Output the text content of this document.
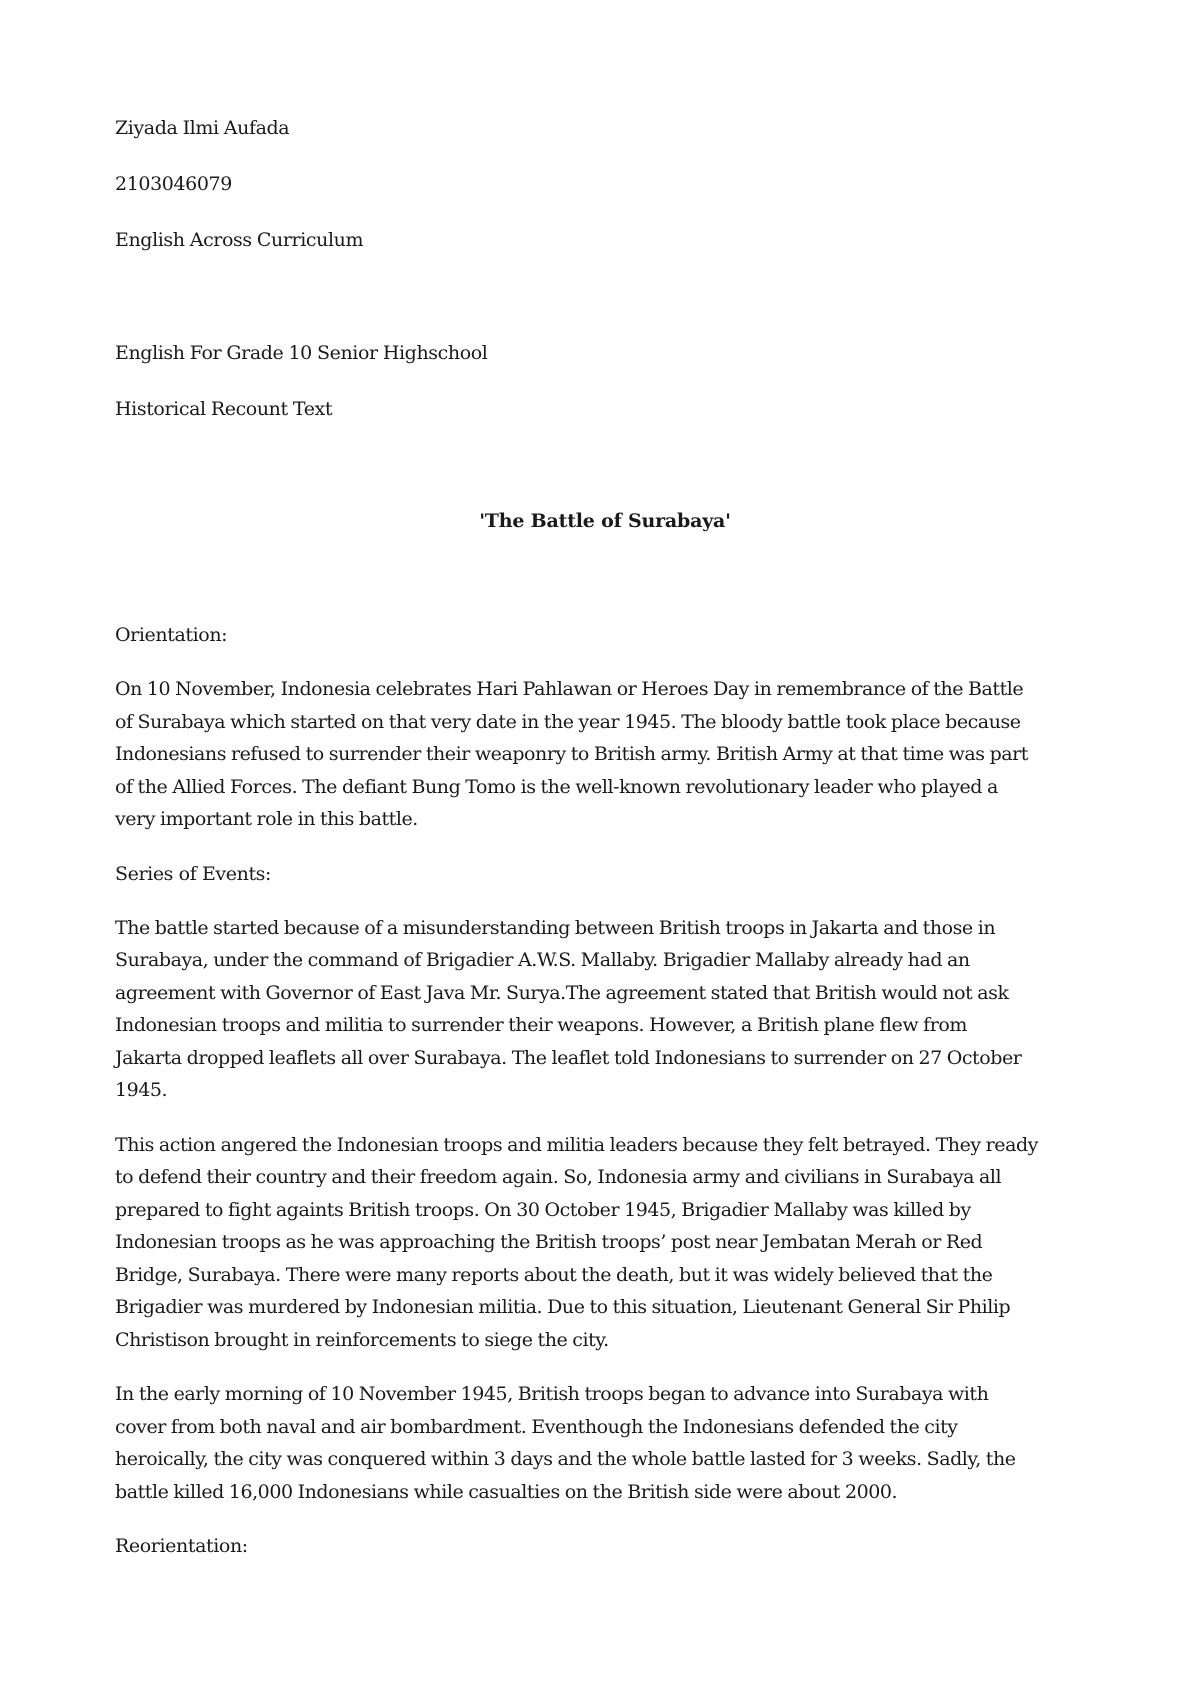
Ziyada Ilmi Aufada
2103046079
English Across Curriculum
English For Grade 10 Senior Highschool
Historical Recount Text
'The Battle of Surabaya'
Orientation:
On 10 November, Indonesia celebrates Hari Pahlawan or Heroes Day in remembrance of the Battle
of Surabaya which started on that very date in the year 1945. The bloody battle took place because
Indonesians refused to surrender their weaponry to British army. British Army at that time was part
of the Allied Forces. The defiant Bung Tomo is the well-known revolutionary leader who played a
very important role in this battle.
Series of Events:
The battle started because of a misunderstanding between British troops in Jakarta and those in
Surabaya, under the command of Brigadier A.W.S. Mallaby. Brigadier Mallaby already had an
agreement with Governor of East Java Mr. Surya.The agreement stated that British would not ask
Indonesian troops and militia to surrender their weapons. However, a British plane flew from
Jakarta dropped leaflets all over Surabaya. The leaflet told Indonesians to surrender on 27 October
1945.
This action angered the Indonesian troops and militia leaders because they felt betrayed. They ready
to defend their country and their freedom again. So, Indonesia army and civilians in Surabaya all
prepared to fight againts British troops. On 30 October 1945, Brigadier Mallaby was killed by
Indonesian troops as he was approaching the British troops’ post near Jembatan Merah or Red
Bridge, Surabaya. There were many reports about the death, but it was widely believed that the
Brigadier was murdered by Indonesian militia. Due to this situation, Lieutenant General Sir Philip
Christison brought in reinforcements to siege the city.
In the early morning of 10 November 1945, British troops began to advance into Surabaya with
cover from both naval and air bombardment. Eventhough the Indonesians defended the city
heroically, the city was conquered within 3 days and the whole battle lasted for 3 weeks. Sadly, the
battle killed 16,000 Indonesians while casualties on the British side were about 2000.
Reorientation:
